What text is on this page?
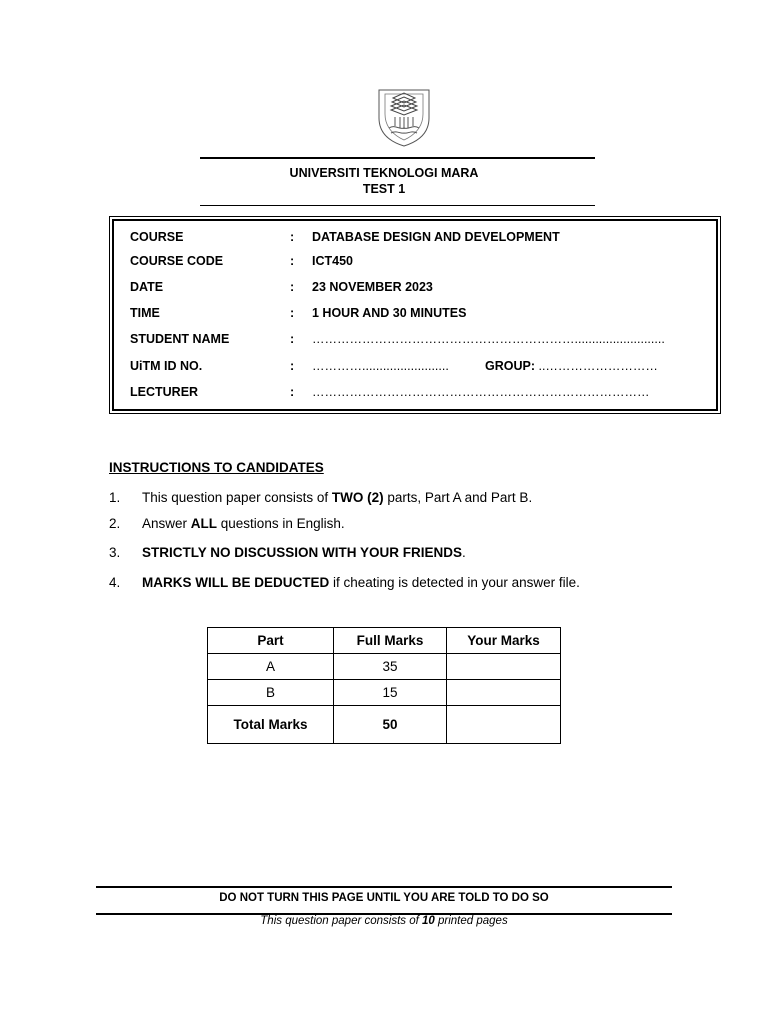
UNIVERSITI TEKNOLOGI MARA
TEST 1
COURSE	: DATABASE DESIGN AND DEVELOPMENT
COURSE CODE	: ICT450
DATE	: 23 NOVEMBER 2023
TIME	: 1 HOUR AND 30 MINUTES
STUDENT NAME	: ………………………………………………………..........................
UiTM ID NO.	: ………….........................	GROUP: ..………………………
LECTURER	: ………………………………………………………………………
INSTRUCTIONS TO CANDIDATES
1. This question paper consists of TWO (2) parts, Part A and Part B.
2. Answer ALL questions in English.
3. STRICTLY NO DISCUSSION WITH YOUR FRIENDS.
4. MARKS WILL BE DEDUCTED if cheating is detected in your answer file.
Part	Full Marks	Your Marks
A	35	
B	15	
Total Marks	50	
DO NOT TURN THIS PAGE UNTIL YOU ARE TOLD TO DO SO
This question paper consists of 10 printed pages
